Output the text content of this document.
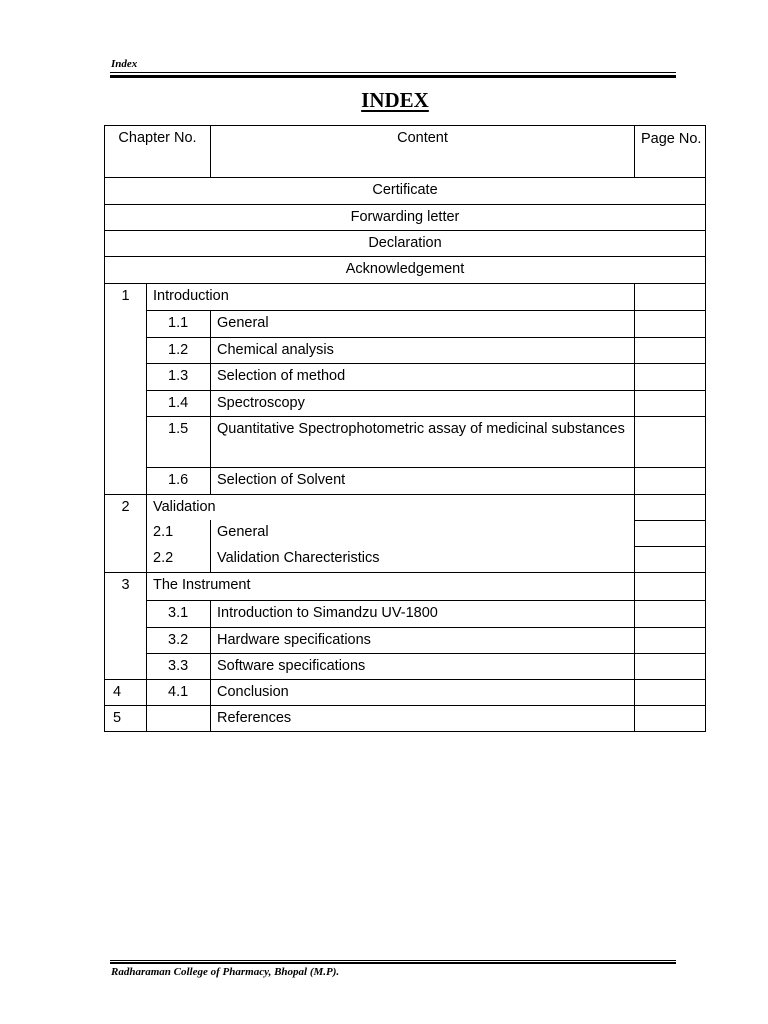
Index
INDEX
Chapter No.		Content	Page No.
Certificate			
Forwarding letter			
Declaration			
Acknowledgement			
1	Introduction		
	1.1	General	
	1.2	Chemical analysis	
	1.3	Selection of method	
	1.4	Spectroscopy	
	1.5	Quantitative Spectrophotometric assay of medicinal substances	
	1.6	Selection of Solvent	
2	Validation		
	2.1	General	
	2.2	Validation Charecteristics	
3	The Instrument		
	3.1	Introduction to Simandzu UV-1800	
	3.2	Hardware specifications	
	3.3	Software specifications	
4	4.1	Conclusion	
5		References	
Radharaman College of Pharmacy, Bhopal (M.P).
